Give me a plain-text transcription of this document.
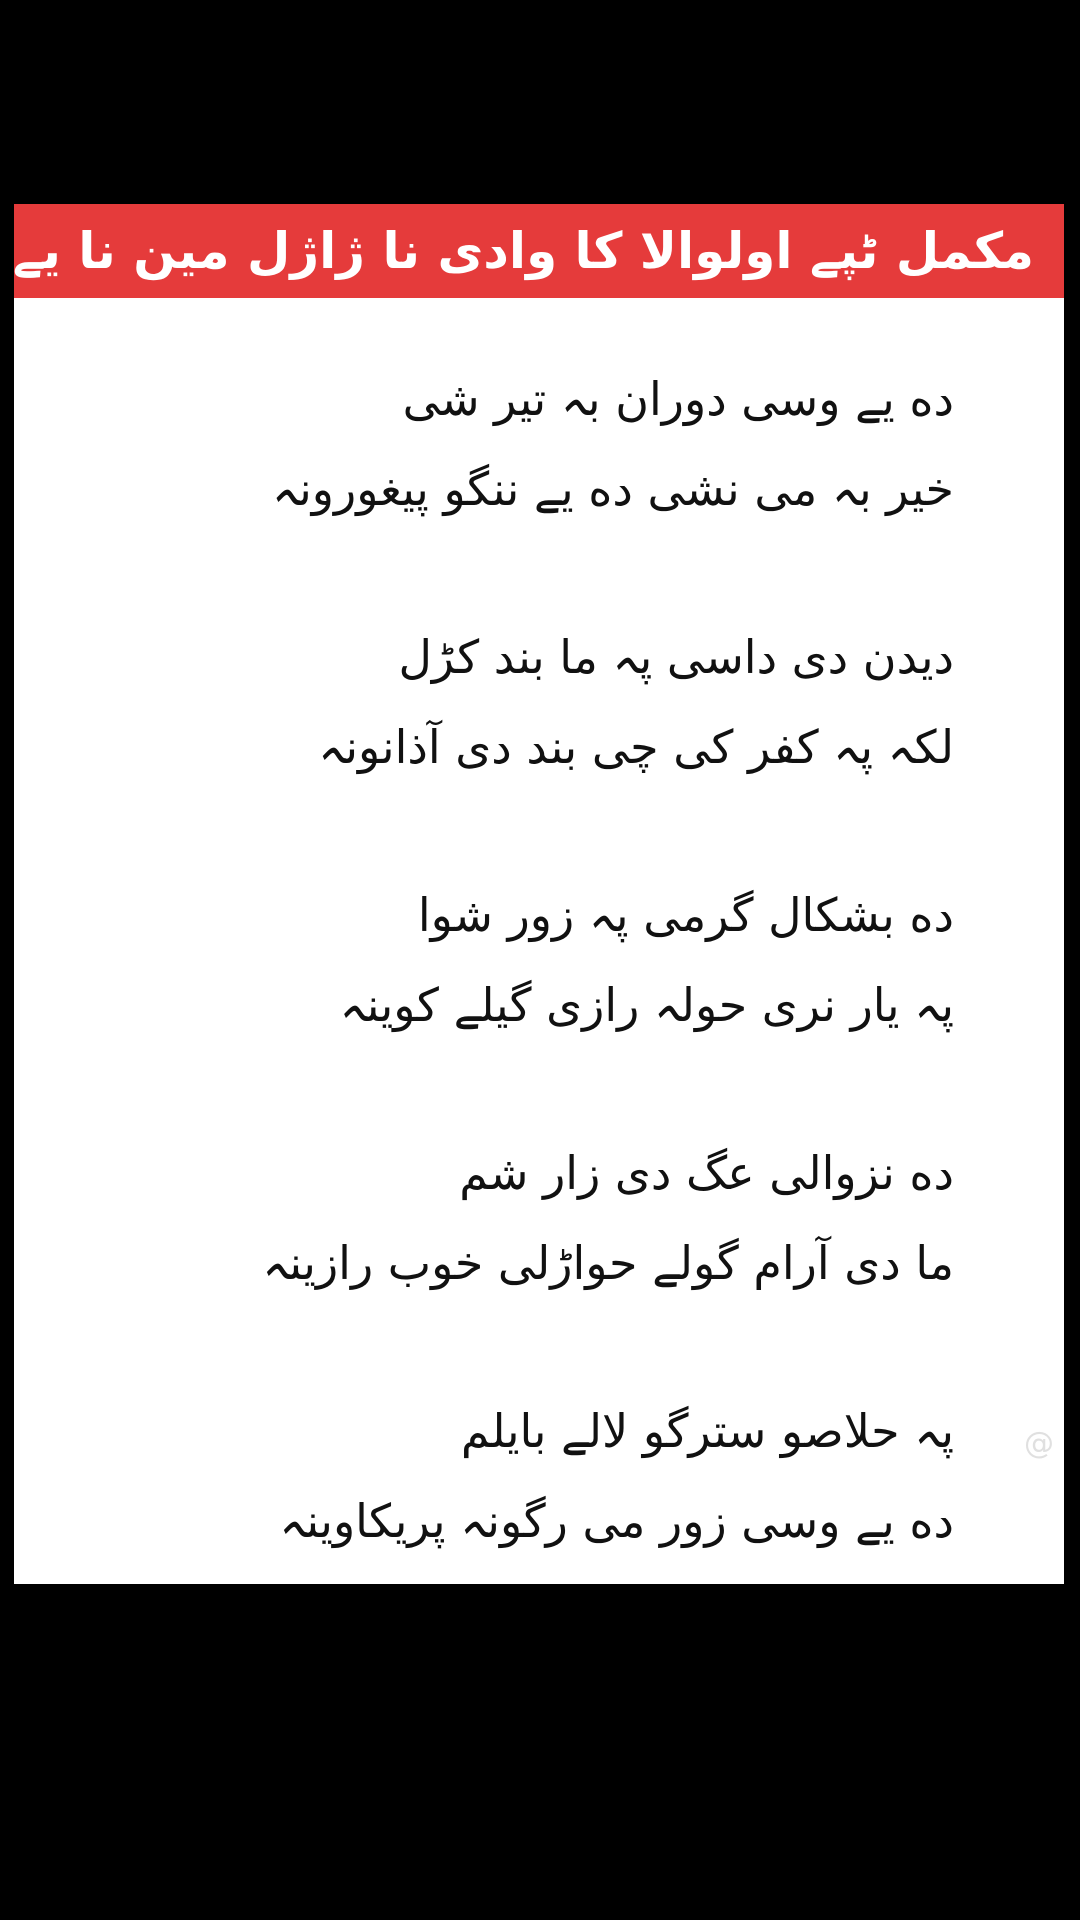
مکمل ٹپے اولوالا کا وادی نا ژاژل مین نا یے
ده یے وسی دوران بہ تیر شی
خیر بہ می نشی ده یے ننگو پیغورونہ
دیدن دی داسی پہ ما بند کڑل
لکہ پہ کفر کی چی بند دی آذانونہ
ده بشکال گرمی پہ زور شوا
پہ یار نری حولہ رازی گیلے کوینہ
ده نزوالی عگ دی زار شم
ما دی آرام گولے حواڑلی خوب رازینہ
پہ حلاصو سترگو لالے بایلم
ده یے وسی زور می رگونہ پریکاوینہ
@
